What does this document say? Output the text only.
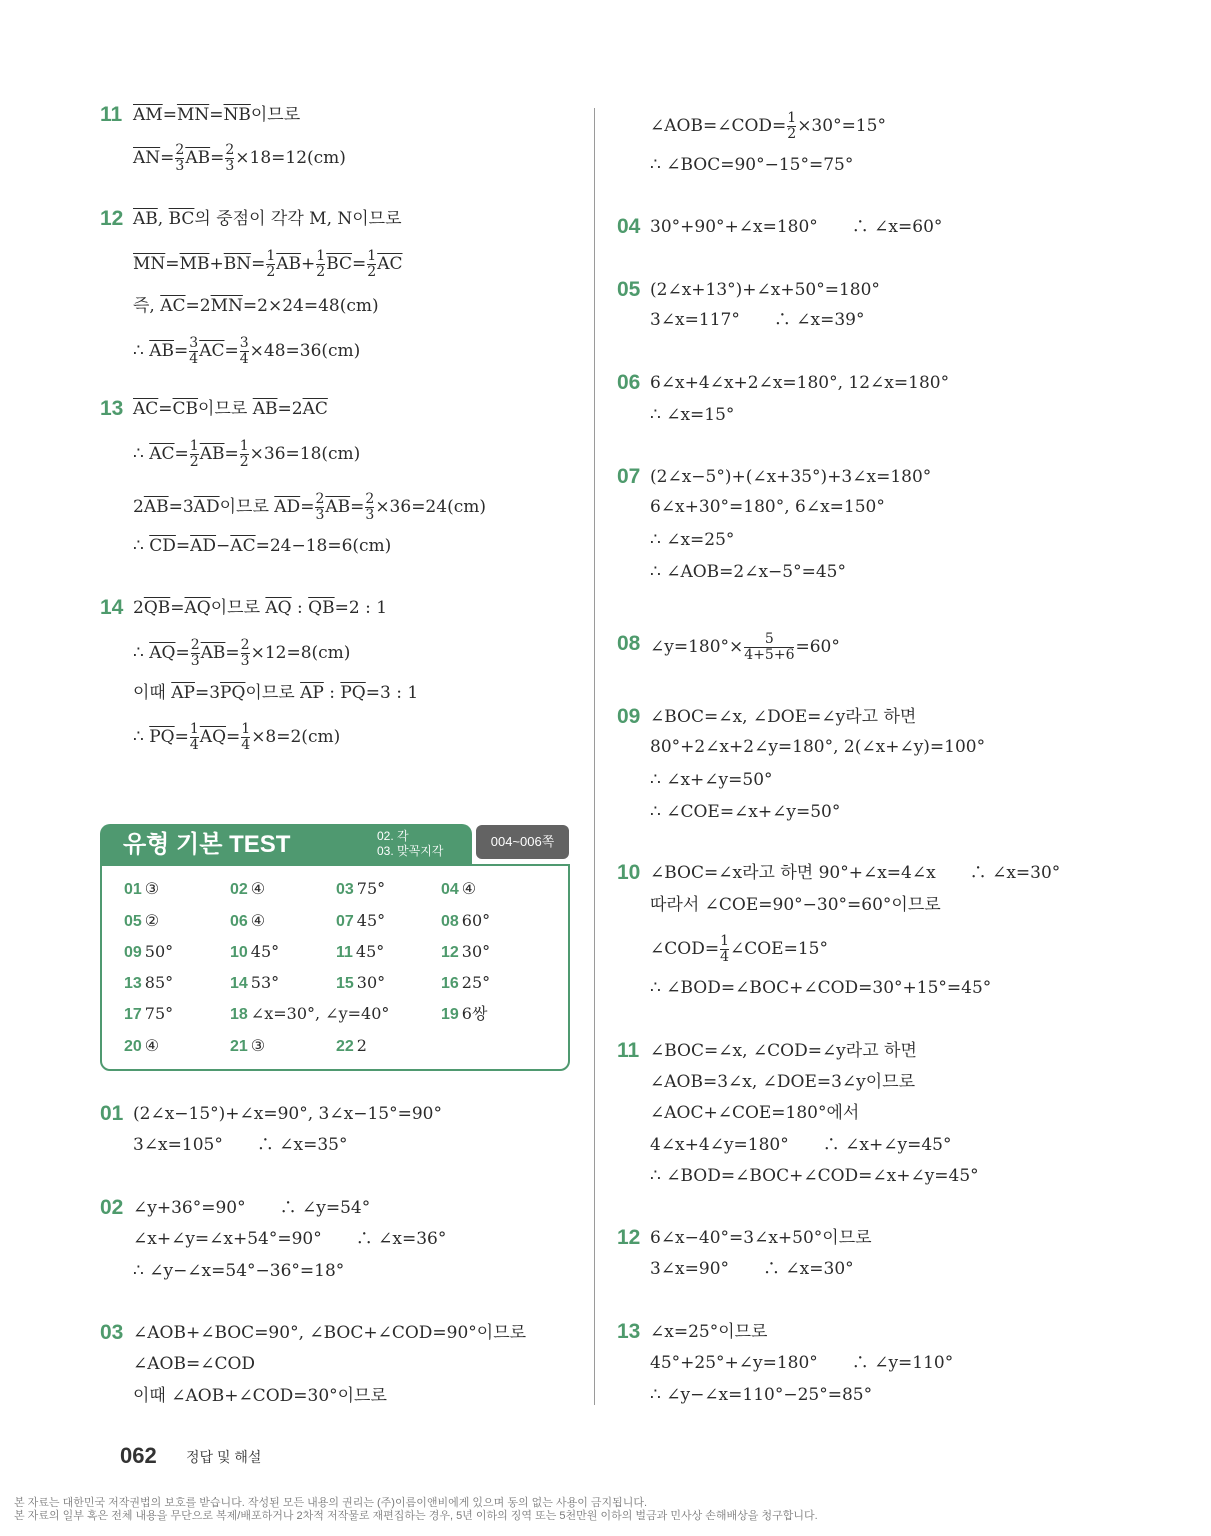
11 $\overline{AM}=\overline{MN}=\overline{NB}$이므로
$\overline{AN}= \frac{2}{3} \overline{AB}= \frac{2}{3} \times 18=12(cm)$
12 $\overline{AB}$, $\overline{BC}$의 중점이 각각 M, N이므로
$\overline{MN}=\overline{MB}+\overline{BN}= \frac{1}{2} \overline{AB}+ \frac{1}{2} \overline{BC}= \frac{1}{2} \overline{AC}$
즉, $\overline{AC}=2\overline{MN}=2\times 24=48(cm)$
∴ $\overline{AB}= \frac{3}{4} \overline{AC}= \frac{3}{4} \times 48=36(cm)$
13 $\overline{AC}=\overline{CB}$이므로 $\overline{AB}=2\overline{AC}$
∴ $\overline{AC}= \frac{1}{2} \overline{AB}= \frac{1}{2} \times 36=18(cm)$
$2\overline{AB}=3\overline{AD}$이므로 $\overline{AD}= \frac{2}{3} \overline{AB}= \frac{2}{3} \times 36=24(cm)$
∴ $\overline{CD}=\overline{AD}-\overline{AC}=24-18=6(cm)$
14 $2\overline{QB}=\overline{AQ}$이므로 $\overline{AQ}$ : $\overline{QB}=2$ : 1
∴ $\overline{AQ}= \frac{2}{3} \overline{AB}= \frac{2}{3} \times 12=8(cm)$
이때 $\overline{AP}=3\overline{PQ}$이므로 $\overline{AP}$ : $\overline{PQ}=3$ : 1
∴ $\overline{PQ}= \frac{1}{4} \overline{AQ}= \frac{1}{4} \times 8=2(cm)$
01 (2∠x−15°)+∠x=90°, 3∠x−15°=90°
3∠x=105°　　∴ ∠x=35°
02 ∠y+36°=90°　　∴ ∠y=54°
∠x+∠y=∠x+54°=90°　　∴ ∠x=36°
∴ ∠y−∠x=54°−36°=18°
03 ∠AOB+∠BOC=90°, ∠BOC+∠COD=90°이므로
∠AOB=∠COD
이때 ∠AOB+∠COD=30°이므로
유형 기본 TEST	02. 각
03. 맞꼭지각
004~006쪽
01 ③	02 ④	03 75°	04 ④
05 ②	06 ④	07 45°	08 60°
09 50°	10 45°	11 45°	12 30°
13 85°	14 53°	15 30°	16 25°
17 75°	18 ∠x=30°, ∠y=40°	19 6쌍
20 ④	21 ③	22 2
∠AOB=∠COD= $\frac{1}{2} \times 30^\circ=15^\circ$
∴ ∠BOC=90°−15°=75°
04 30°+90°+∠x=180°　　∴ ∠x=60°
05 (2∠x+13°)+∠x+50°=180°
3∠x=117°　　∴ ∠x=39°
06 6∠x+4∠x+2∠x=180°, 12∠x=180°
∴ ∠x=15°
07 (2∠x−5°)+(∠x+35°)+3∠x=180°
6∠x+30°=180°, 6∠x=150°
∴ ∠x=25°
∴ ∠AOB=2∠x−5°=45°
08 ∠y=180°× $\frac{5}{4+5+6} =60^\circ$
09 ∠BOC=∠x, ∠DOE=∠y라고 하면
80°+2∠x+2∠y=180°, 2(∠x+∠y)=100°
∴ ∠x+∠y=50°
∴ ∠COE=∠x+∠y=50°
10 ∠BOC=∠x라고 하면 90°+∠x=4∠x　　∴ ∠x=30°
따라서 ∠COE=90°−30°=60°이므로
∠COD= $\frac{1}{4}$ ∠COE=15°
∴ ∠BOD=∠BOC+∠COD=30°+15°=45°
11 ∠BOC=∠x, ∠COD=∠y라고 하면
∠AOB=3∠x, ∠DOE=3∠y이므로
∠AOC+∠COE=180°에서
4∠x+4∠y=180°　　∴ ∠x+∠y=45°
∴ ∠BOD=∠BOC+∠COD=∠x+∠y=45°
12 6∠x−40°=3∠x+50°이므로
3∠x=90°　　∴ ∠x=30°
13 ∠x=25°이므로
45°+25°+∠y=180°　　∴ ∠y=110°
∴ ∠y−∠x=110°−25°=85°
062 정답 및 해설
본 자료는 대한민국 저작권법의 보호를 받습니다. 작성된 모든 내용의 권리는 (주)이름이앤비에게 있으며 동의 없는 사용이 금지됩니다.
본 자료의 일부 혹은 전체 내용을 무단으로 복제/배포하거나 2차적 저작물로 재편집하는 경우, 5년 이하의 징역 또는 5천만원 이하의 벌금과 민사상 손해배상을 청구합니다.
